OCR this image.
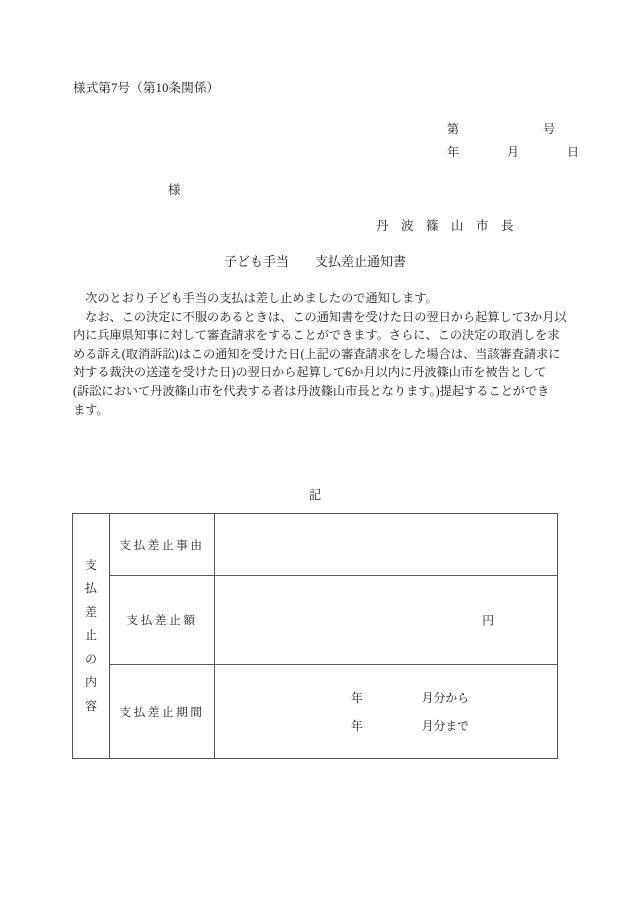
様式第7号（第10条関係）
第　　　　　　　号
年　　　　月　　　　日
様
丹　波　篠　山　市　長
子ども手当　　支払差止通知書
　次のとおり子ども手当の支払は差し止めましたので通知します。
　なお、この決定に不服のあるときは、この通知書を受けた日の翌日から起算して3か月以
内に兵庫県知事に対して審査請求をすることができます。さらに、この決定の取消しを求
める訴え(取消訴訟)はこの通知を受けた日(上記の審査請求をした場合は、当該審査請求に
対する裁決の送達を受けた日)の翌日から起算して6か月以内に丹波篠山市を被告として
(訴訟において丹波篠山市を代表する者は丹波篠山市長となります。)提起することができ
ます。
記
支
払
差
止
の
内
容
	支払差止事由	
	支払差止額	円

	支払差止期間	年　　　　　月分から
年　　　　　月分まで
